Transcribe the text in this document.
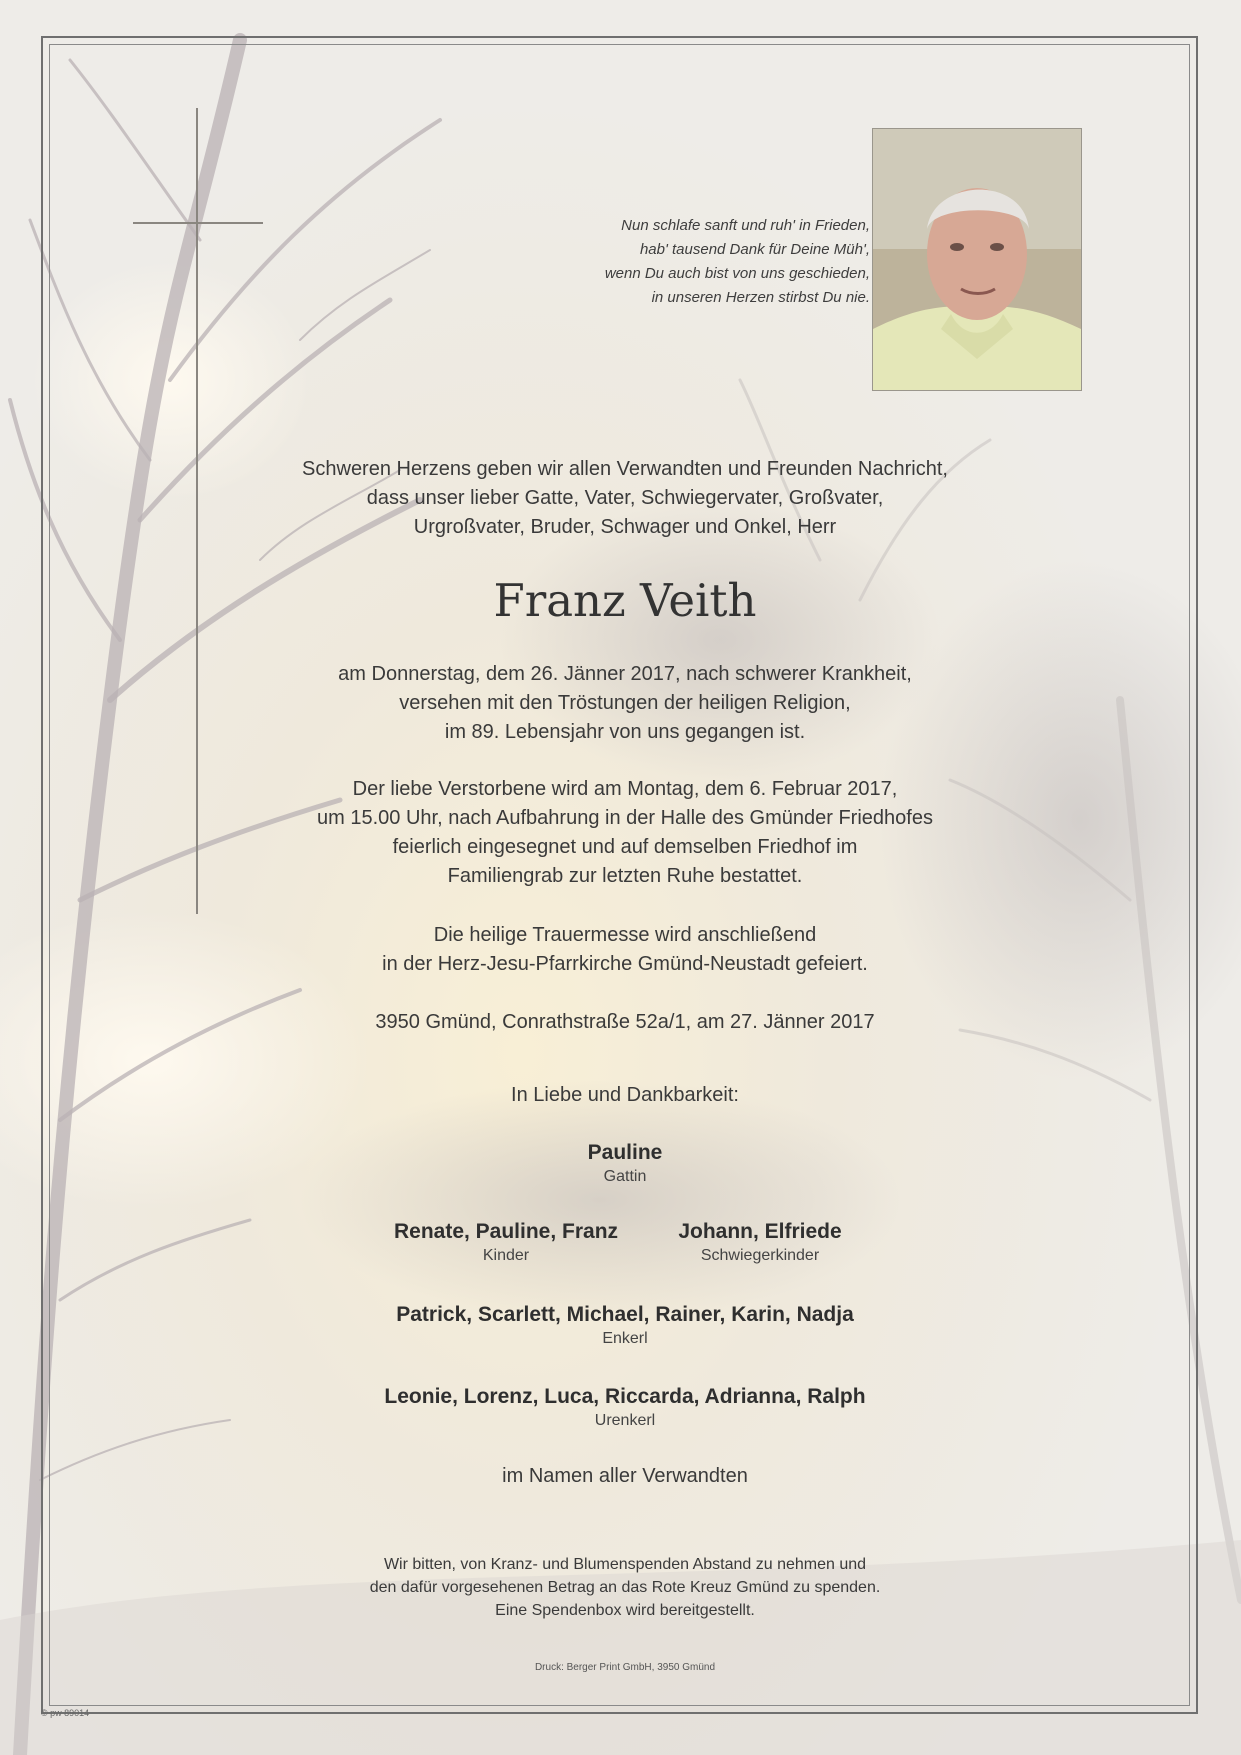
Nun schlafe sanft und ruh' in Frieden,
hab' tausend Dank für Deine Müh',
wenn Du auch bist von uns geschieden,
in unseren Herzen stirbst Du nie.
Schweren Herzens geben wir allen Verwandten und Freunden Nachricht,
dass unser lieber Gatte, Vater, Schwiegervater, Großvater,
Urgroßvater, Bruder, Schwager und Onkel, Herr
Franz Veith
am Donnerstag, dem 26. Jänner 2017, nach schwerer Krankheit,
versehen mit den Tröstungen der heiligen Religion,
im 89. Lebensjahr von uns gegangen ist.
Der liebe Verstorbene wird am Montag, dem 6. Februar 2017,
um 15.00 Uhr, nach Aufbahrung in der Halle des Gmünder Friedhofes
feierlich eingesegnet und auf demselben Friedhof im
Familiengrab zur letzten Ruhe bestattet.
Die heilige Trauermesse wird anschließend
in der Herz-Jesu-Pfarrkirche Gmünd-Neustadt gefeiert.
3950 Gmünd, Conrathstraße 52a/1, am 27. Jänner 2017
In Liebe und Dankbarkeit:
Pauline
Gattin
Renate, Pauline, Franz
Kinder
Johann, Elfriede
Schwiegerkinder
Patrick, Scarlett, Michael, Rainer, Karin, Nadja
Enkerl
Leonie, Lorenz, Luca, Riccarda, Adrianna, Ralph
Urenkerl
im Namen aller Verwandten
Wir bitten, von Kranz- und Blumenspenden Abstand zu nehmen und
den dafür vorgesehenen Betrag an das Rote Kreuz Gmünd zu spenden.
Eine Spendenbox wird bereitgestellt.
Druck: Berger Print GmbH, 3950 Gmünd
© pw 89014
